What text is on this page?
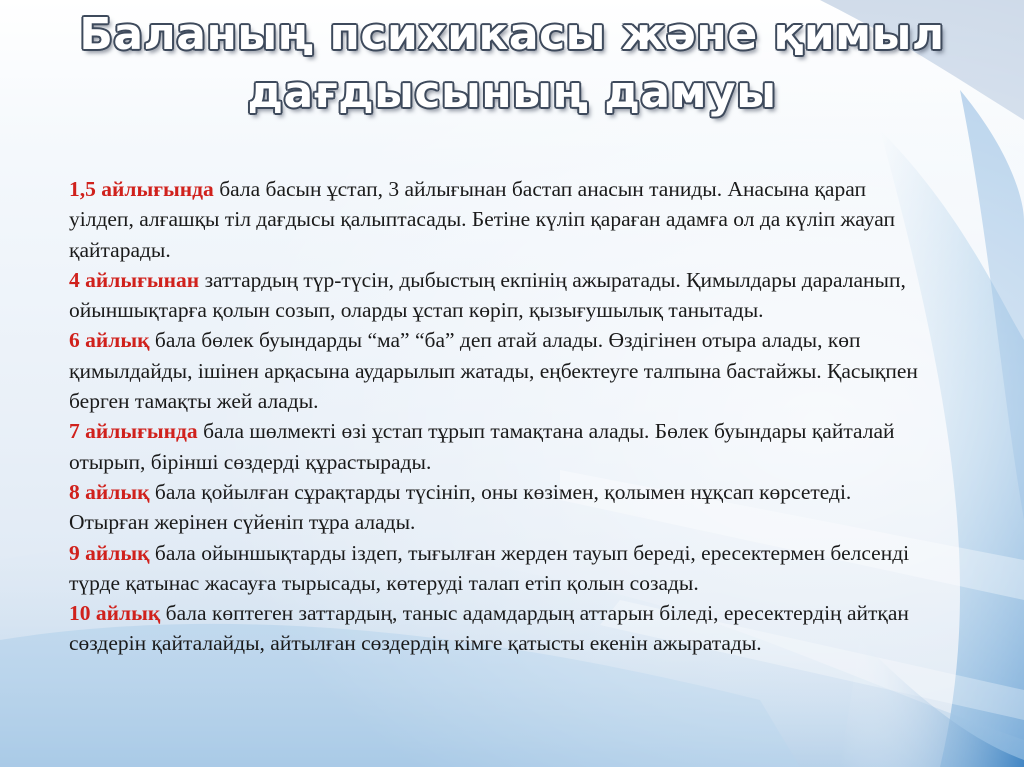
Баланың психикасы және қимыл
дағдысының дамуы

1,5 айлығында бала басын ұстап, 3 айлығынан бастап анасын таниды. Анасына қарап уілдеп, алғашқы тіл дағдысы қалыптасады. Бетіне күліп қараған адамға ол да күліп жауап қайтарады.

4 айлығынан заттардың түр-түсін, дыбыстың екпінің ажыратады. Қимылдары дараланып, ойыншықтарға қолын созып, оларды ұстап көріп, қызығушылық танытады.

6 айлық бала бөлек буындарды “ма” “ба” деп атай алады. Өздігінен отыра алады, көп қимылдайды, ішінен арқасына аударылып жатады, еңбектеуге талпына бастайжы. Қасықпен берген тамақты жей алады.

7 айлығында бала шөлмекті өзі ұстап тұрып тамақтана алады. Бөлек буындары қайталай отырып, бірінші сөздерді құрастырады.

8 айлық бала қойылған сұрақтарды түсініп, оны көзімен, қолымен нұқсап көрсетеді. Отырған жерінен сүйеніп тұра алады.

9 айлық бала ойыншықтарды іздеп, тығылған жерден тауып береді, ересектермен белсенді түрде қатынас жасауға тырысады, көтеруді талап етіп қолын созады.

10 айлық бала көптеген заттардың, таныс адамдардың аттарын біледі, ересектердің айтқан сөздерін қайталайды, айтылған сөздердің кімге қатысты екенін ажыратады.
